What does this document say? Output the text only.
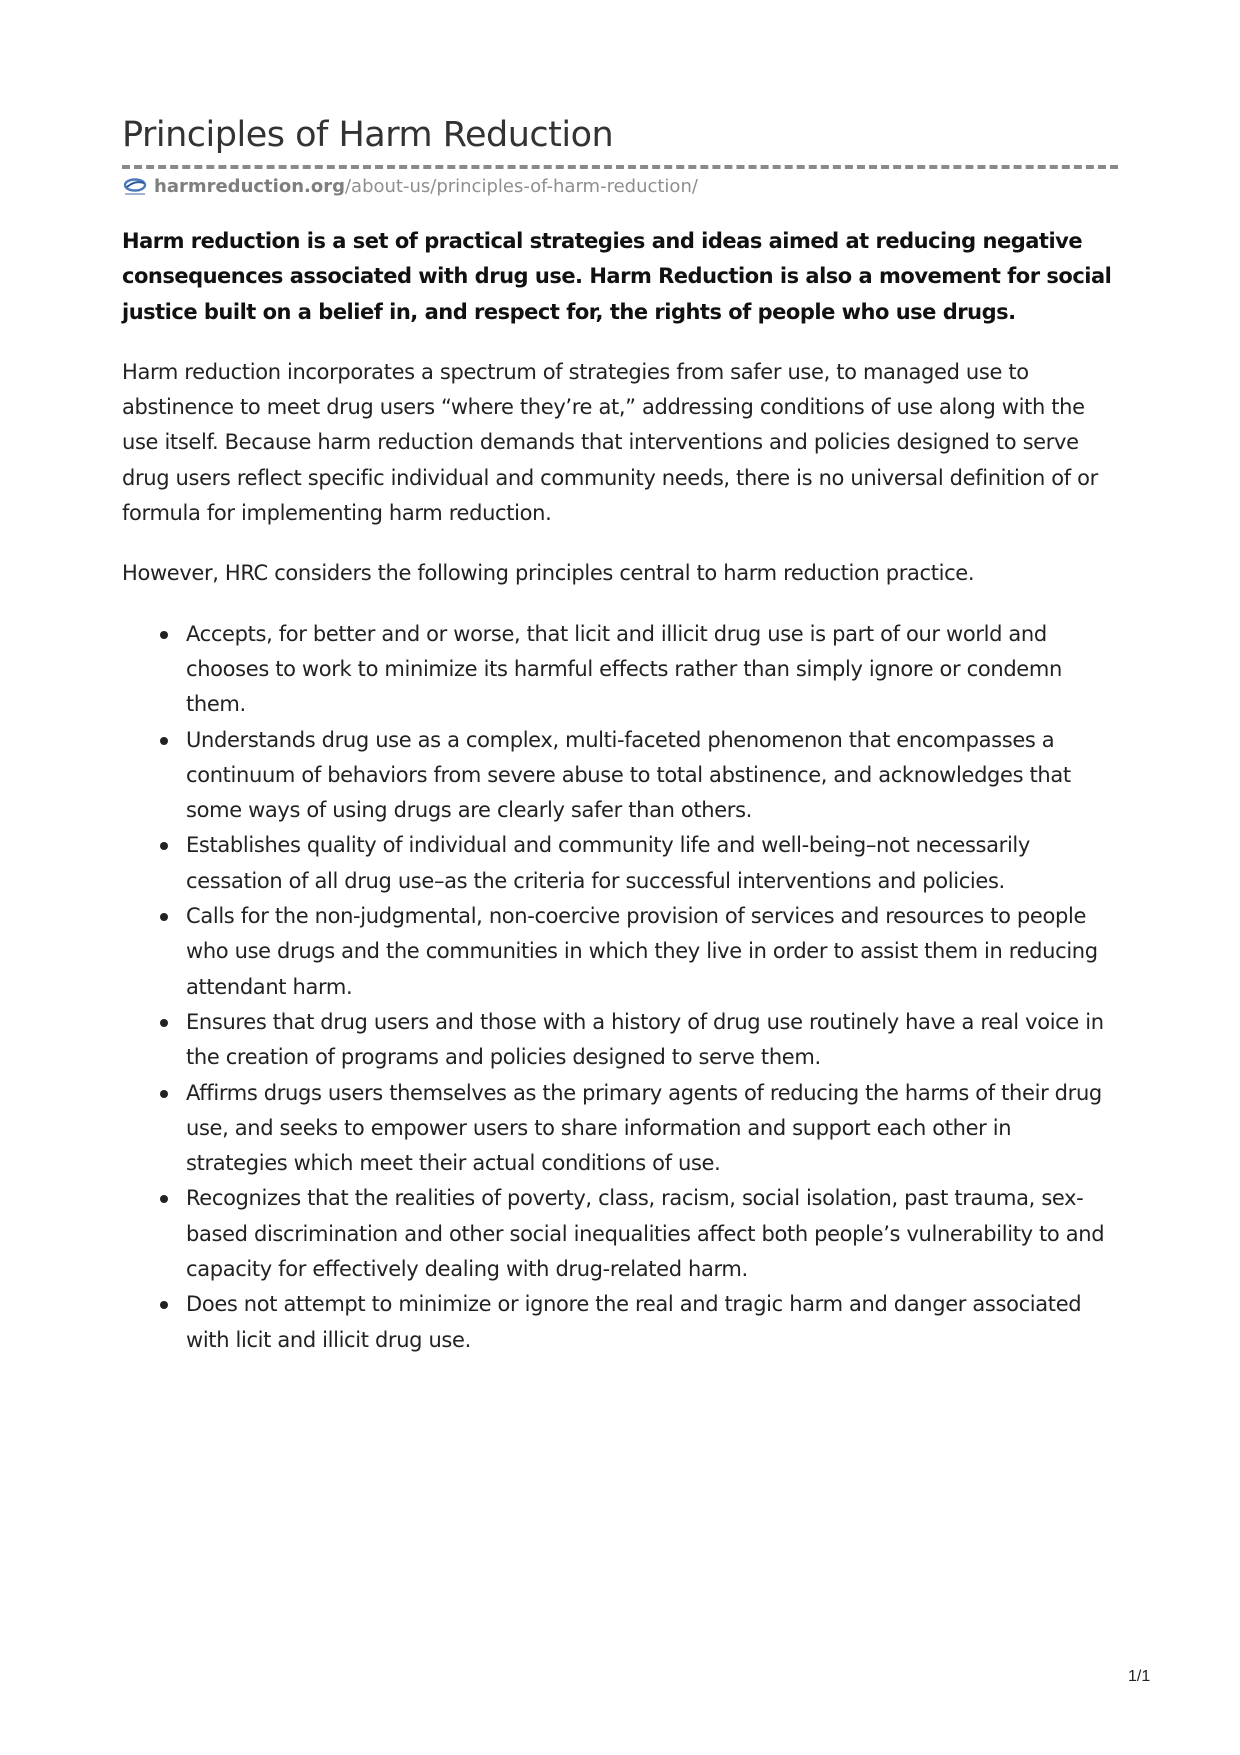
Principles of Harm Reduction
harmreduction.org /about-us/principles-of-harm-reduction/

Harm reduction is a set of practical strategies and ideas aimed at reducing negative consequences associated with drug use. Harm Reduction is also a movement for social justice built on a belief in, and respect for, the rights of people who use drugs.

Harm reduction incorporates a spectrum of strategies from safer use, to managed use to abstinence to meet drug users “where they’re at,” addressing conditions of use along with the use itself. Because harm reduction demands that interventions and policies designed to serve drug users reflect specific individual and community needs, there is no universal definition of or formula for implementing harm reduction.

However, HRC considers the following principles central to harm reduction practice.

Accepts, for better and or worse, that licit and illicit drug use is part of our world and chooses to work to minimize its harmful effects rather than simply ignore or condemn them.
Understands drug use as a complex, multi-faceted phenomenon that encompasses a continuum of behaviors from severe abuse to total abstinence, and acknowledges that some ways of using drugs are clearly safer than others.
Establishes quality of individual and community life and well-being–not necessarily cessation of all drug use–as the criteria for successful interventions and policies.
Calls for the non-judgmental, non-coercive provision of services and resources to people who use drugs and the communities in which they live in order to assist them in reducing attendant harm.
Ensures that drug users and those with a history of drug use routinely have a real voice in the creation of programs and policies designed to serve them.
Affirms drugs users themselves as the primary agents of reducing the harms of their drug use, and seeks to empower users to share information and support each other in strategies which meet their actual conditions of use.
Recognizes that the realities of poverty, class, racism, social isolation, past trauma, sex-based discrimination and other social inequalities affect both people’s vulnerability to and capacity for effectively dealing with drug-related harm.
Does not attempt to minimize or ignore the real and tragic harm and danger associated with licit and illicit drug use.
1/1
